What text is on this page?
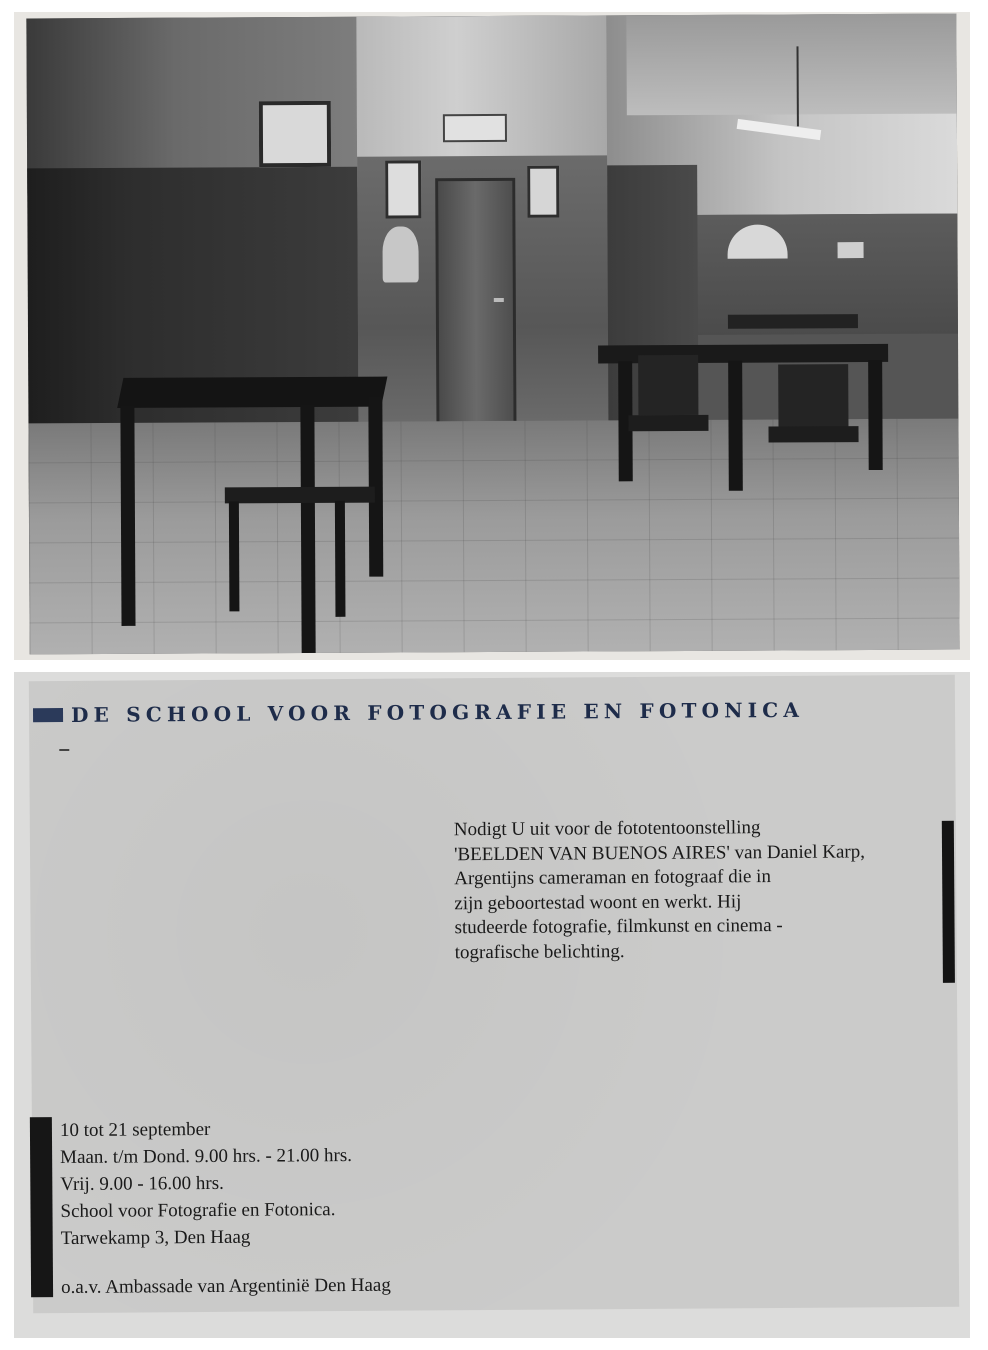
DE SCHOOL VOOR FOTOGRAFIE EN FOTONICA
Nodigt U uit voor de fototentoonstelling
'BEELDEN VAN BUENOS AIRES' van Daniel Karp,
Argentijns cameraman en fotograaf die in
zijn geboortestad woont en werkt. Hij
studeerde fotografie, filmkunst en cinema -
tografische belichting.
10 tot 21 september
Maan. t/m Dond. 9.00 hrs. - 21.00 hrs.
Vrij. 9.00 - 16.00 hrs.
School voor Fotografie en Fotonica.
Tarwekamp 3, Den Haag
o.a.v. Ambassade van Argentinië Den Haag
